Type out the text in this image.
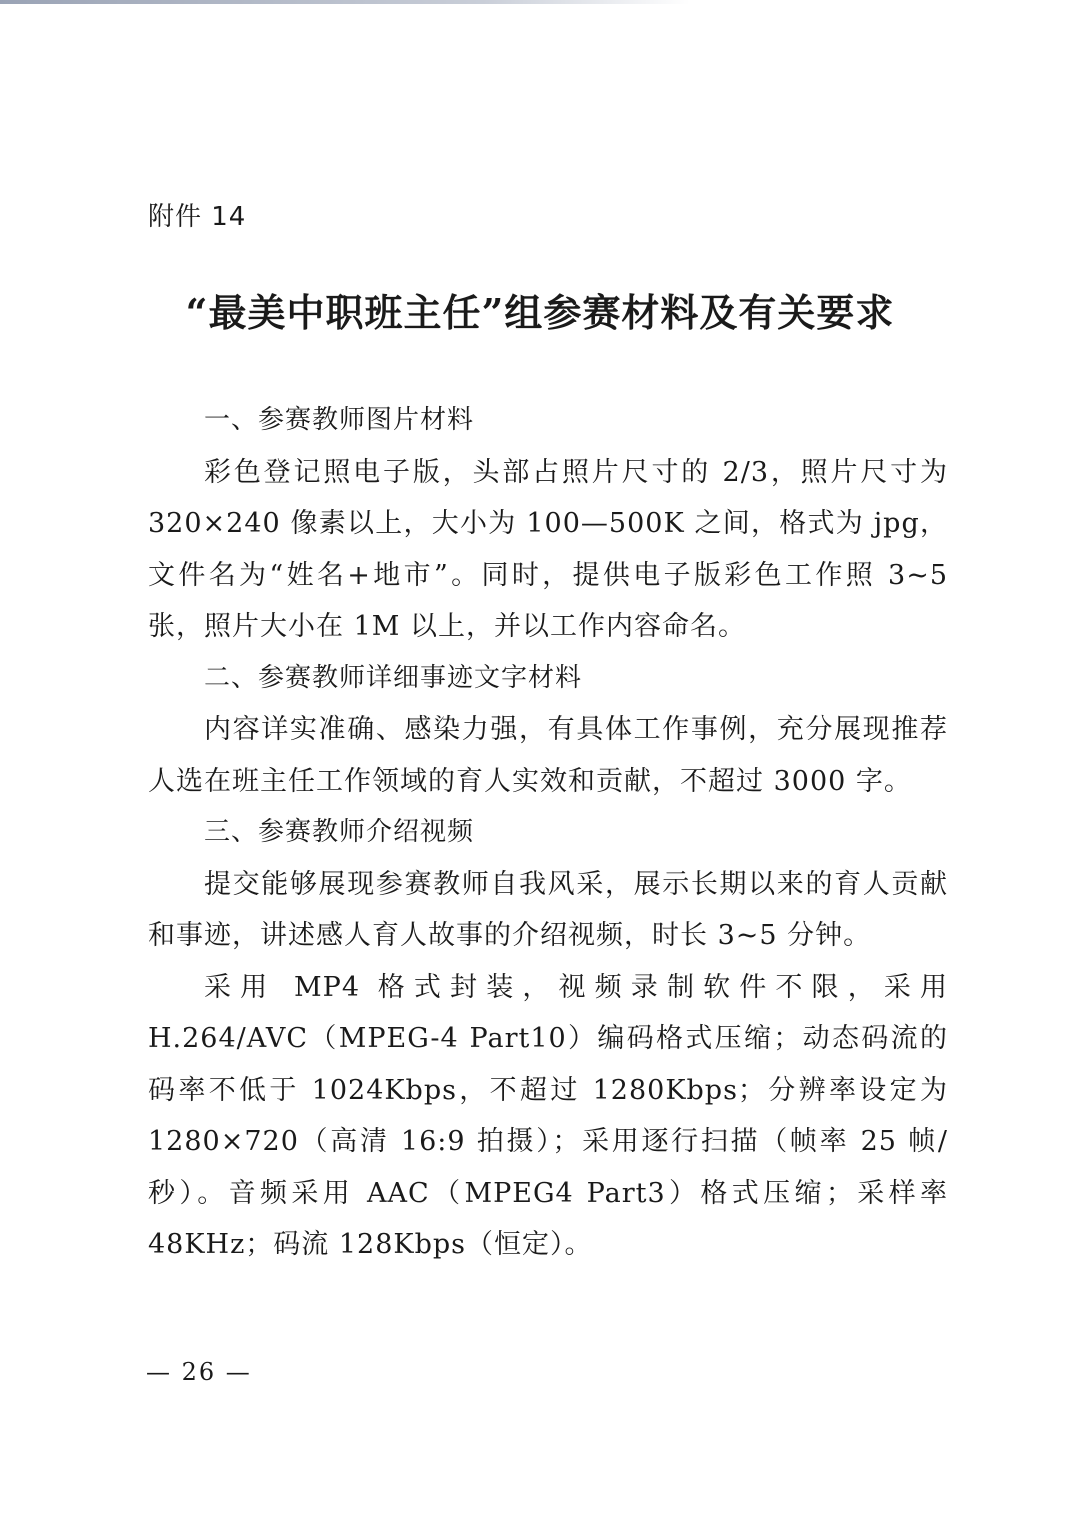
附件 14
“最美中职班主任”组参赛材料及有关要求

一、参赛教师图片材料

彩色登记照电子版，头部占照片尺寸的 2/3，照片尺寸为 320×240 像素以上，大小为 100—500K 之间，格式为 jpg，文件名为“姓名+地市”。同时，提供电子版彩色工作照 3~5 张，照片大小在 1M 以上，并以工作内容命名。

二、参赛教师详细事迹文字材料

内容详实准确、感染力强，有具体工作事例，充分展现推荐人选在班主任工作领域的育人实效和贡献，不超过 3000 字。

三、参赛教师介绍视频

提交能够展现参赛教师自我风采，展示长期以来的育人贡献和事迹，讲述感人育人故事的介绍视频，时长 3~5 分钟。

采用 MP4 格式封装，视频录制软件不限，采用 H.264/AVC（MPEG-4 Part10）编码格式压缩；动态码流的码率不低于 1024Kbps，不超过 1280Kbps；分辨率设定为 1280×720（高清 16:9 拍摄）；采用逐行扫描（帧率 25 帧/秒）。音频采用 AAC（MPEG4 Part3）格式压缩；采样率 48KHz；码流 128Kbps（恒定）。

— 26 —
